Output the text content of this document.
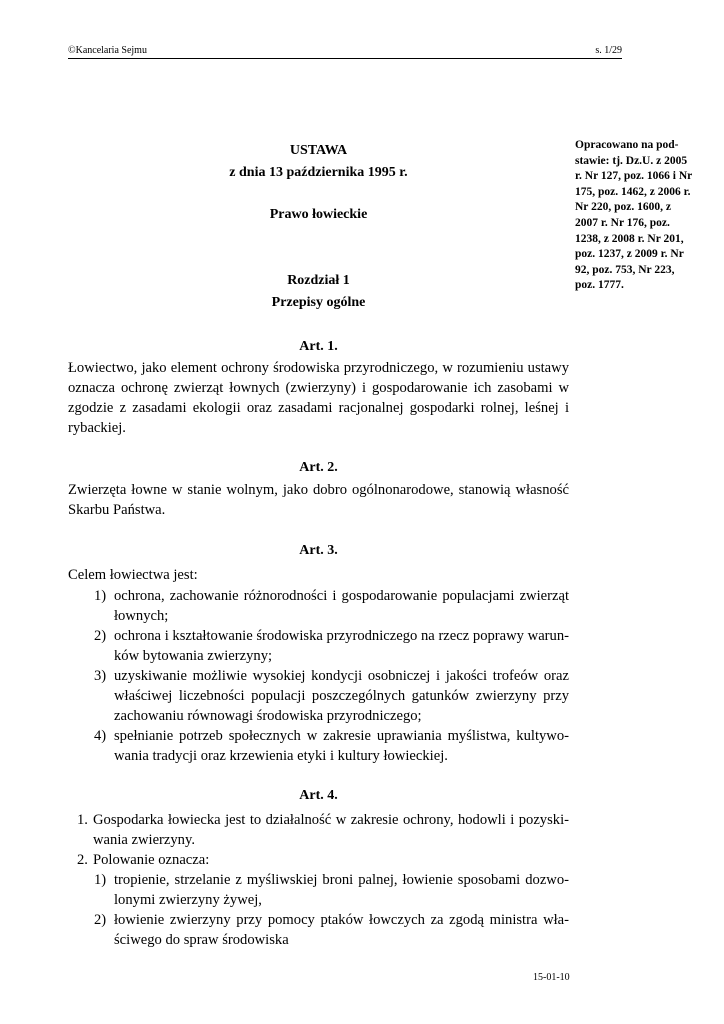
©Kancelaria Sejmu	s. 1/29
Opracowano na pod-stawie: tj. Dz.U. z 2005 r. Nr 127, poz. 1066 i Nr 175, poz. 1462, z 2006 r. Nr 220, poz. 1600, z 2007 r. Nr 176, poz. 1238, z 2008 r. Nr 201, poz. 1237, z 2009 r. Nr 92, poz. 753, Nr 223, poz. 1777.
USTAWA
z dnia 13 października 1995 r.
Prawo łowieckie
Rozdział 1
Przepisy ogólne
Art. 1.
Łowiectwo, jako element ochrony środowiska przyrodniczego, w rozumieniu ustawy
oznacza ochronę zwierząt łownych (zwierzyny) i gospodarowanie ich zasobami w
zgodzie z zasadami ekologii oraz zasadami racjonalnej gospodarki rolnej, leśnej i
rybackiej.
Art. 2.
Zwierzęta łowne w stanie wolnym, jako dobro ogólnonarodowe, stanowią własność
Skarbu Państwa.
Art. 3.
Celem łowiectwa jest:
1) ochrona, zachowanie różnorodności i gospodarowanie populacjami zwierząt
łownych;
2) ochrona i kształtowanie środowiska przyrodniczego na rzecz poprawy warun-
ków bytowania zwierzyny;
3) uzyskiwanie możliwie wysokiej kondycji osobniczej i jakości trofeów oraz
właściwej liczebności populacji poszczególnych gatunków zwierzyny przy
zachowaniu równowagi środowiska przyrodniczego;
4) spełnianie potrzeb społecznych w zakresie uprawiania myślistwa, kultywo-
wania tradycji oraz krzewienia etyki i kultury łowieckiej.
Art. 4.
1. Gospodarka łowiecka jest to działalność w zakresie ochrony, hodowli i pozyski-
wania zwierzyny.
2. Polowanie oznacza:
1) tropienie, strzelanie z myśliwskiej broni palnej, łowienie sposobami dozwo-
lonymi zwierzyny żywej,
2) łowienie zwierzyny przy pomocy ptaków łowczych za zgodą ministra wła-
ściwego do spraw środowiska
15-01-10
